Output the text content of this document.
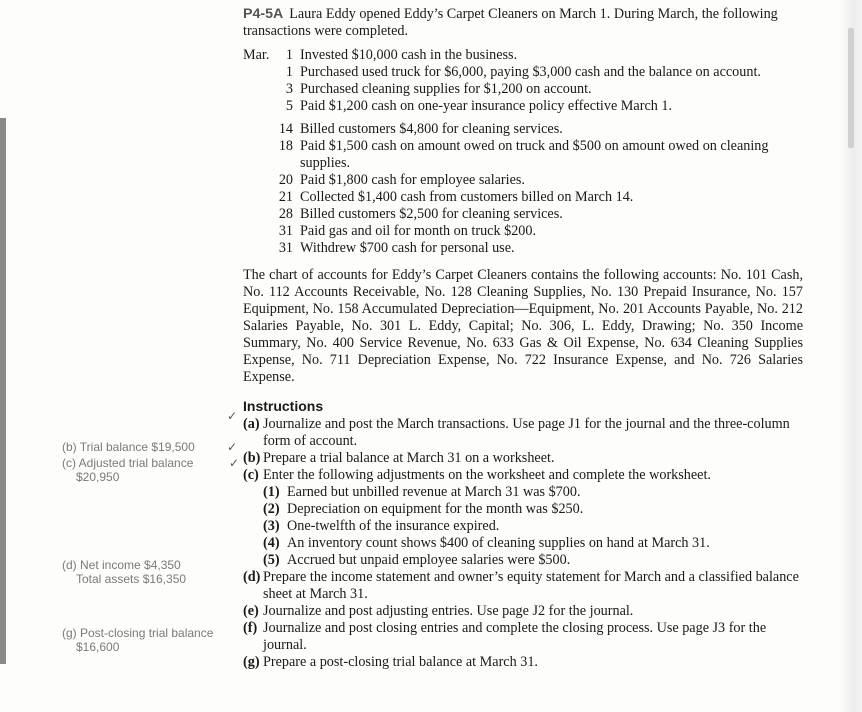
(b) Trial balance $19,500
(c) Adjusted trial balance
$20,950
(d) Net income $4,350
Total assets $16,350
(g) Post-closing trial balance
$16,600
✓
✓
✓

P4-5A Laura Eddy opened Eddy’s Carpet Cleaners on March 1. During March, the following transactions were completed.

Mar.	1 Invested $10,000 cash in the business.
1 Purchased used truck for $6,000, paying $3,000 cash and the balance on account.
3 Purchased cleaning supplies for $1,200 on account.
5 Paid $1,200 cash on one-year insurance policy effective March 1.
14 Billed customers $4,800 for cleaning services.
18 Paid $1,500 cash on amount owed on truck and $500 on amount owed on cleaning supplies.
20 Paid $1,800 cash for employee salaries.
21 Collected $1,400 cash from customers billed on March 14.
28 Billed customers $2,500 for cleaning services.
31 Paid gas and oil for month on truck $200.
31 Withdrew $700 cash for personal use.

The chart of accounts for Eddy’s Carpet Cleaners contains the following accounts: No. 101 Cash, No. 112 Accounts Receivable, No. 128 Cleaning Supplies, No. 130 Prepaid Insurance, No. 157 Equipment, No. 158 Accumulated Depreciation—Equipment, No. 201 Accounts Payable, No. 212 Salaries Payable, No. 301 L. Eddy, Capital; No. 306, L. Eddy, Drawing; No. 350 Income Summary, No. 400 Service Revenue, No. 633 Gas & Oil Expense, No. 634 Cleaning Supplies Expense, No. 711 Depreciation Expense, No. 722 Insurance Expense, and No. 726 Salaries Expense.

Instructions
(a) Journalize and post the March transactions. Use page J1 for the journal and the three-column form of account.
(b) Prepare a trial balance at March 31 on a worksheet.
(c) Enter the following adjustments on the worksheet and complete the worksheet.
(1) Earned but unbilled revenue at March 31 was $700.
(2) Depreciation on equipment for the month was $250.
(3) One-twelfth of the insurance expired.
(4) An inventory count shows $400 of cleaning supplies on hand at March 31.
(5) Accrued but unpaid employee salaries were $500.
(d) Prepare the income statement and owner’s equity statement for March and a classified balance sheet at March 31.
(e) Journalize and post adjusting entries. Use page J2 for the journal.
(f) Journalize and post closing entries and complete the closing process. Use page J3 for the journal.
(g) Prepare a post-closing trial balance at March 31.
